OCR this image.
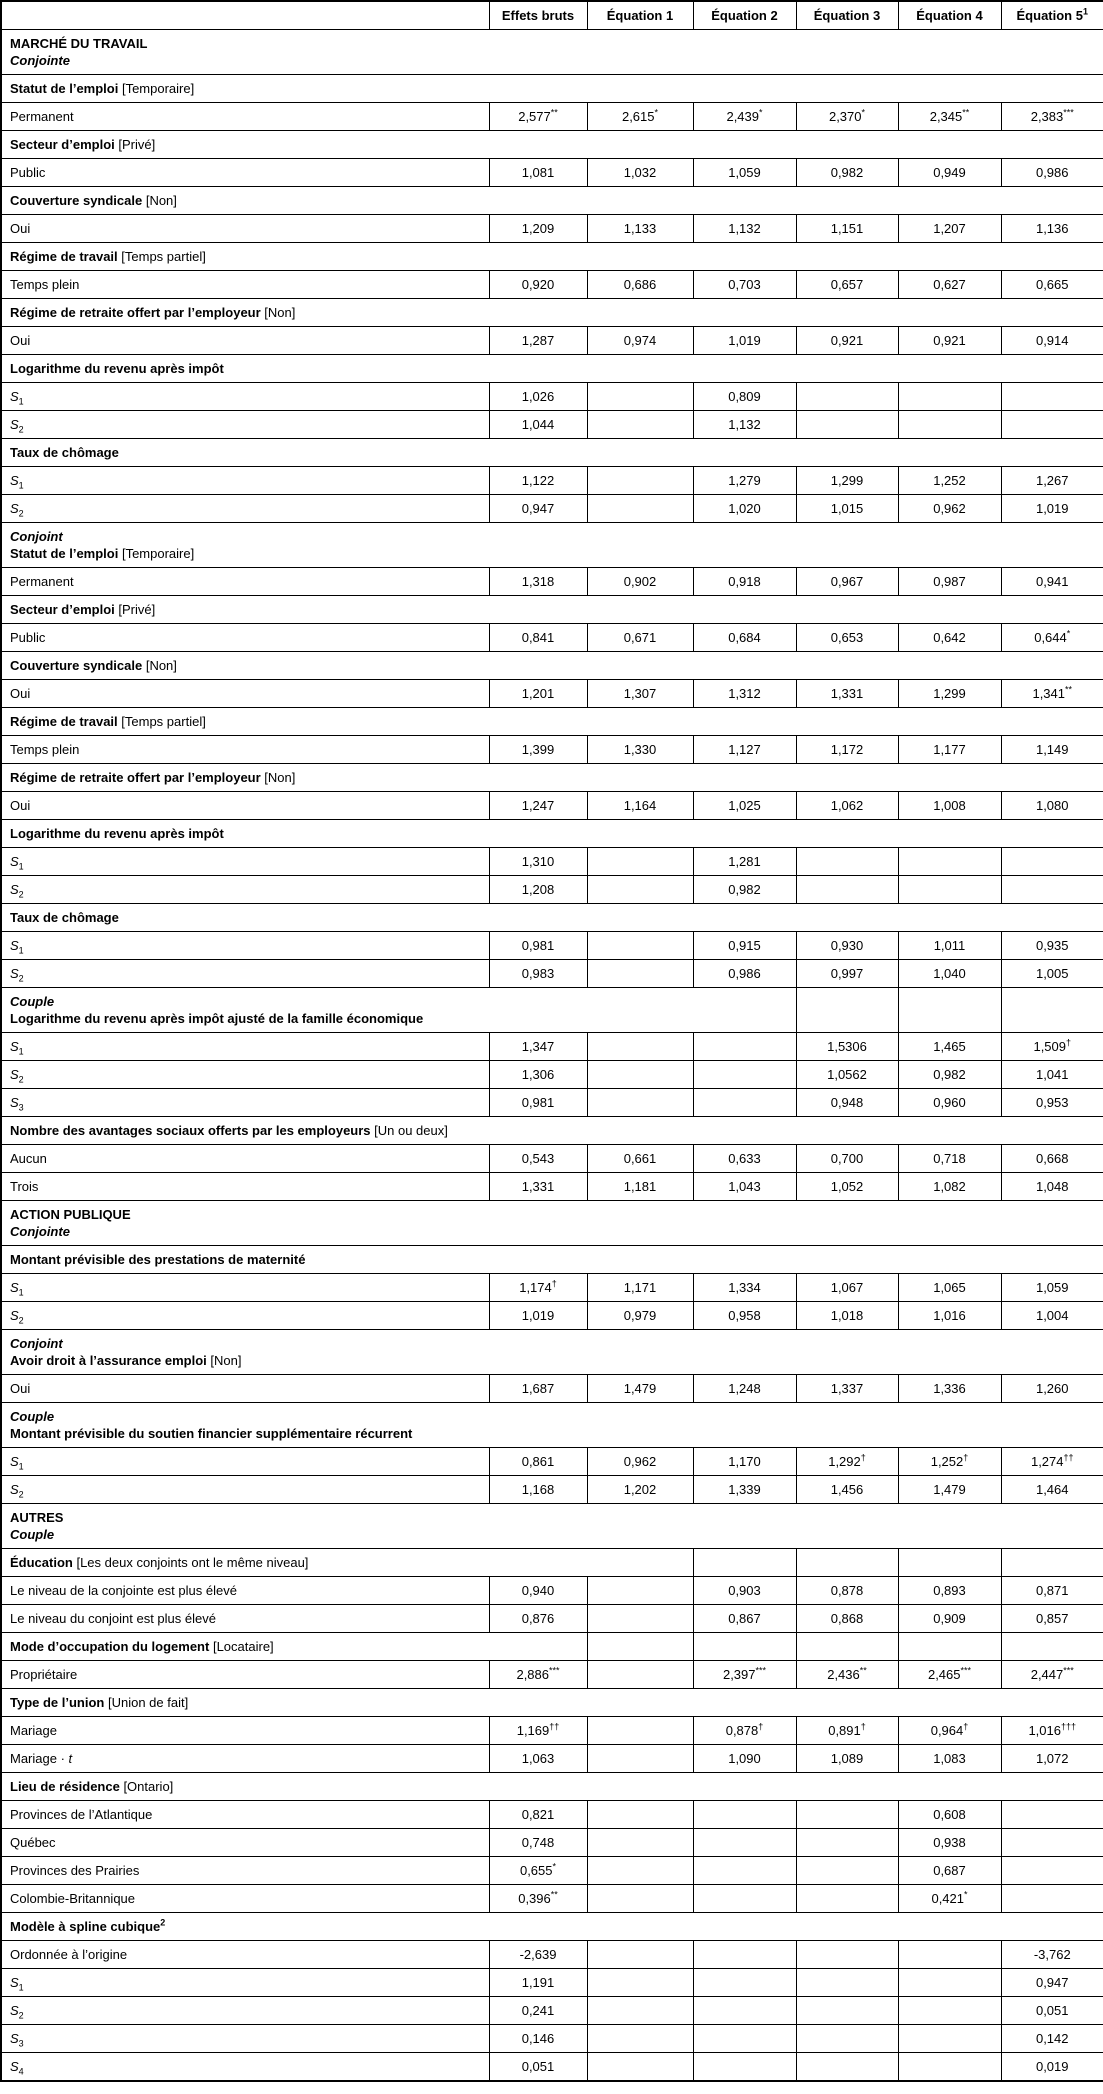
	Effets bruts	Équation 1	Équation 2	Équation 3	Équation 4	Équation $5^1$

MARCHÉ DU TRAVAIL
Conjointe						

Statut de l’emploi [Temporaire]						
Permanent	2,577**	2,615*	2,439*	2,370*	2,345**	2,383***
Secteur d’emploi [Privé]						
Public	1,081	1,032	1,059	0,982	0,949	0,986
Couverture syndicale [Non]						
Oui	1,209	1,133	1,132	1,151	1,207	1,136
Régime de travail [Temps partiel]						
Temps plein	0,920	0,686	0,703	0,657	0,627	0,665
Régime de retraite offert par l’employeur [Non]						
Oui	1,287	0,974	1,019	0,921	0,921	0,914
Logarithme du revenu après impôt						
$S_1$	1,026		0,809			
$S_2$	1,044		1,132			
Taux de chômage						
$S_1$	1,122		1,279	1,299	1,252	1,267
$S_2$	0,947		1,020	1,015	0,962	1,019

Conjoint
Statut de l’emploi [Temporaire]						

Permanent	1,318	0,902	0,918	0,967	0,987	0,941
Secteur d’emploi [Privé]						
Public	0,841	0,671	0,684	0,653	0,642	0,644*
Couverture syndicale [Non]						
Oui	1,201	1,307	1,312	1,331	1,299	1,341**
Régime de travail [Temps partiel]						
Temps plein	1,399	1,330	1,127	1,172	1,177	1,149
Régime de retraite offert par l’employeur [Non]						
Oui	1,247	1,164	1,025	1,062	1,008	1,080
Logarithme du revenu après impôt						
$S_1$	1,310		1,281			
$S_2$	1,208		0,982			
Taux de chômage						
$S_1$	0,981		0,915	0,930	1,011	0,935
$S_2$	0,983		0,986	0,997	1,040	1,005

Couple
Logarithme du revenu après impôt ajusté de la famille économique						

$S_1$	1,347			1,5306	1,465	1,509†
$S_2$	1,306			1,0562	0,982	1,041
$S_3$	0,981			0,948	0,960	0,953
Nombre des avantages sociaux offerts par les employeurs [Un ou deux]						
Aucun	0,543	0,661	0,633	0,700	0,718	0,668
Trois	1,331	1,181	1,043	1,052	1,082	1,048

ACTION PUBLIQUE
Conjointe						

Montant prévisible des prestations de maternité						
$S_1$	1,174†	1,171	1,334	1,067	1,065	1,059
$S_2$	1,019	0,979	0,958	1,018	1,016	1,004

Conjoint
Avoir droit à l’assurance emploi [Non]						

Oui	1,687	1,479	1,248	1,337	1,336	1,260

Couple
Montant prévisible du soutien financier supplémentaire récurrent						

$S_1$	0,861	0,962	1,170	1,292†	1,252†	1,274††
$S_2$	1,168	1,202	1,339	1,456	1,479	1,464

AUTRES
Couple						

Éducation [Les deux conjoints ont le même niveau]						
Le niveau de la conjointe est plus élevé	0,940		0,903	0,878	0,893	0,871
Le niveau du conjoint est plus élevé	0,876		0,867	0,868	0,909	0,857
Mode d’occupation du logement [Locataire]						
Propriétaire	2,886***		2,397***	2,436**	2,465***	2,447***
Type de l’union [Union de fait]						
Mariage	1,169††		0,878†	0,891†	0,964†	1,016†††
Mariage · t	1,063		1,090	1,089	1,083	1,072
Lieu de résidence [Ontario]						
Provinces de l’Atlantique	0,821				0,608	
Québec	0,748				0,938	
Provinces des Prairies	0,655*				0,687	
Colombie-Britannique	0,396**				0,421*	
Modèle à spline cubique$^2$
Ordonnée à l’origine	-2,639					-3,762
$S_1$	1,191					0,947
$S_2$	0,241					0,051
$S_3$	0,146					0,142
$S_4$	0,051					0,019
